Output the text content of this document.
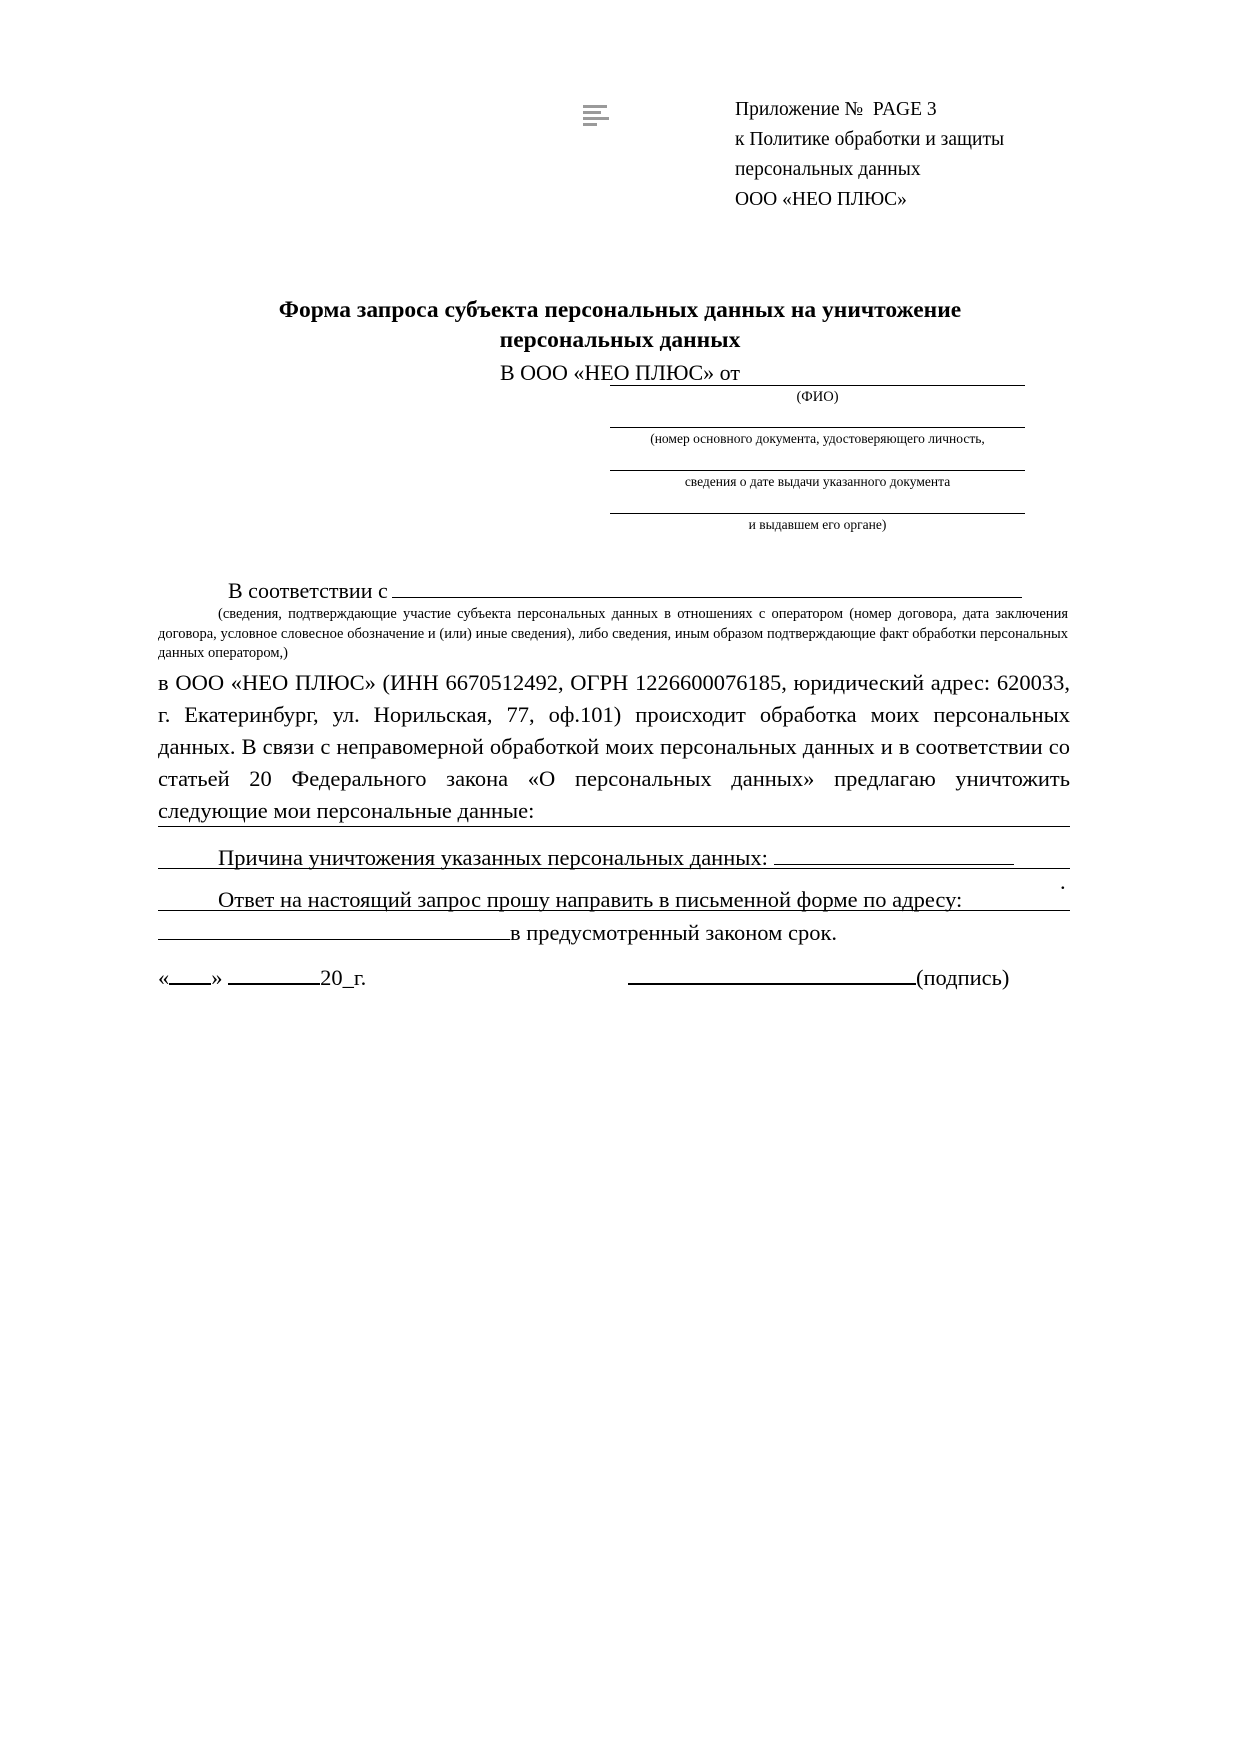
Приложение №  PAGE 3
к Политике обработки и защиты
персональных данных
ООО «НЕО ПЛЮС»
Форма запроса субъекта персональных данных на уничтожение
персональных данных
В ООО «НЕО ПЛЮС» от
(ФИО)
(номер основного документа, удостоверяющего личность,
сведения о дате выдачи указанного документа
и выдавшем его органе)
В соответствии с
(сведения, подтверждающие участие субъекта персональных данных в отношениях с оператором (номер договора, дата заключения договора, условное словесное обозначение и (или) иные сведения), либо сведения, иным образом подтверждающие факт обработки персональных данных оператором,)
в ООО «НЕО ПЛЮС» (ИНН 6670512492, ОГРН 1226600076185, юридический адрес: 620033, г. Екатеринбург, ул. Норильская, 77, оф.101) происходит обработка моих персональных данных. В связи с неправомерной обработкой моих персональных данных и в соответствии со статьей 20 Федерального закона «О персональных данных» предлагаю уничтожить следующие мои персональные данные:
Причина уничтожения указанных персональных данных:
.
Ответ на настоящий запрос прошу направить в письменной форме по адресу:
в предусмотренный законом срок.
« »	20_г.	(подпись)
